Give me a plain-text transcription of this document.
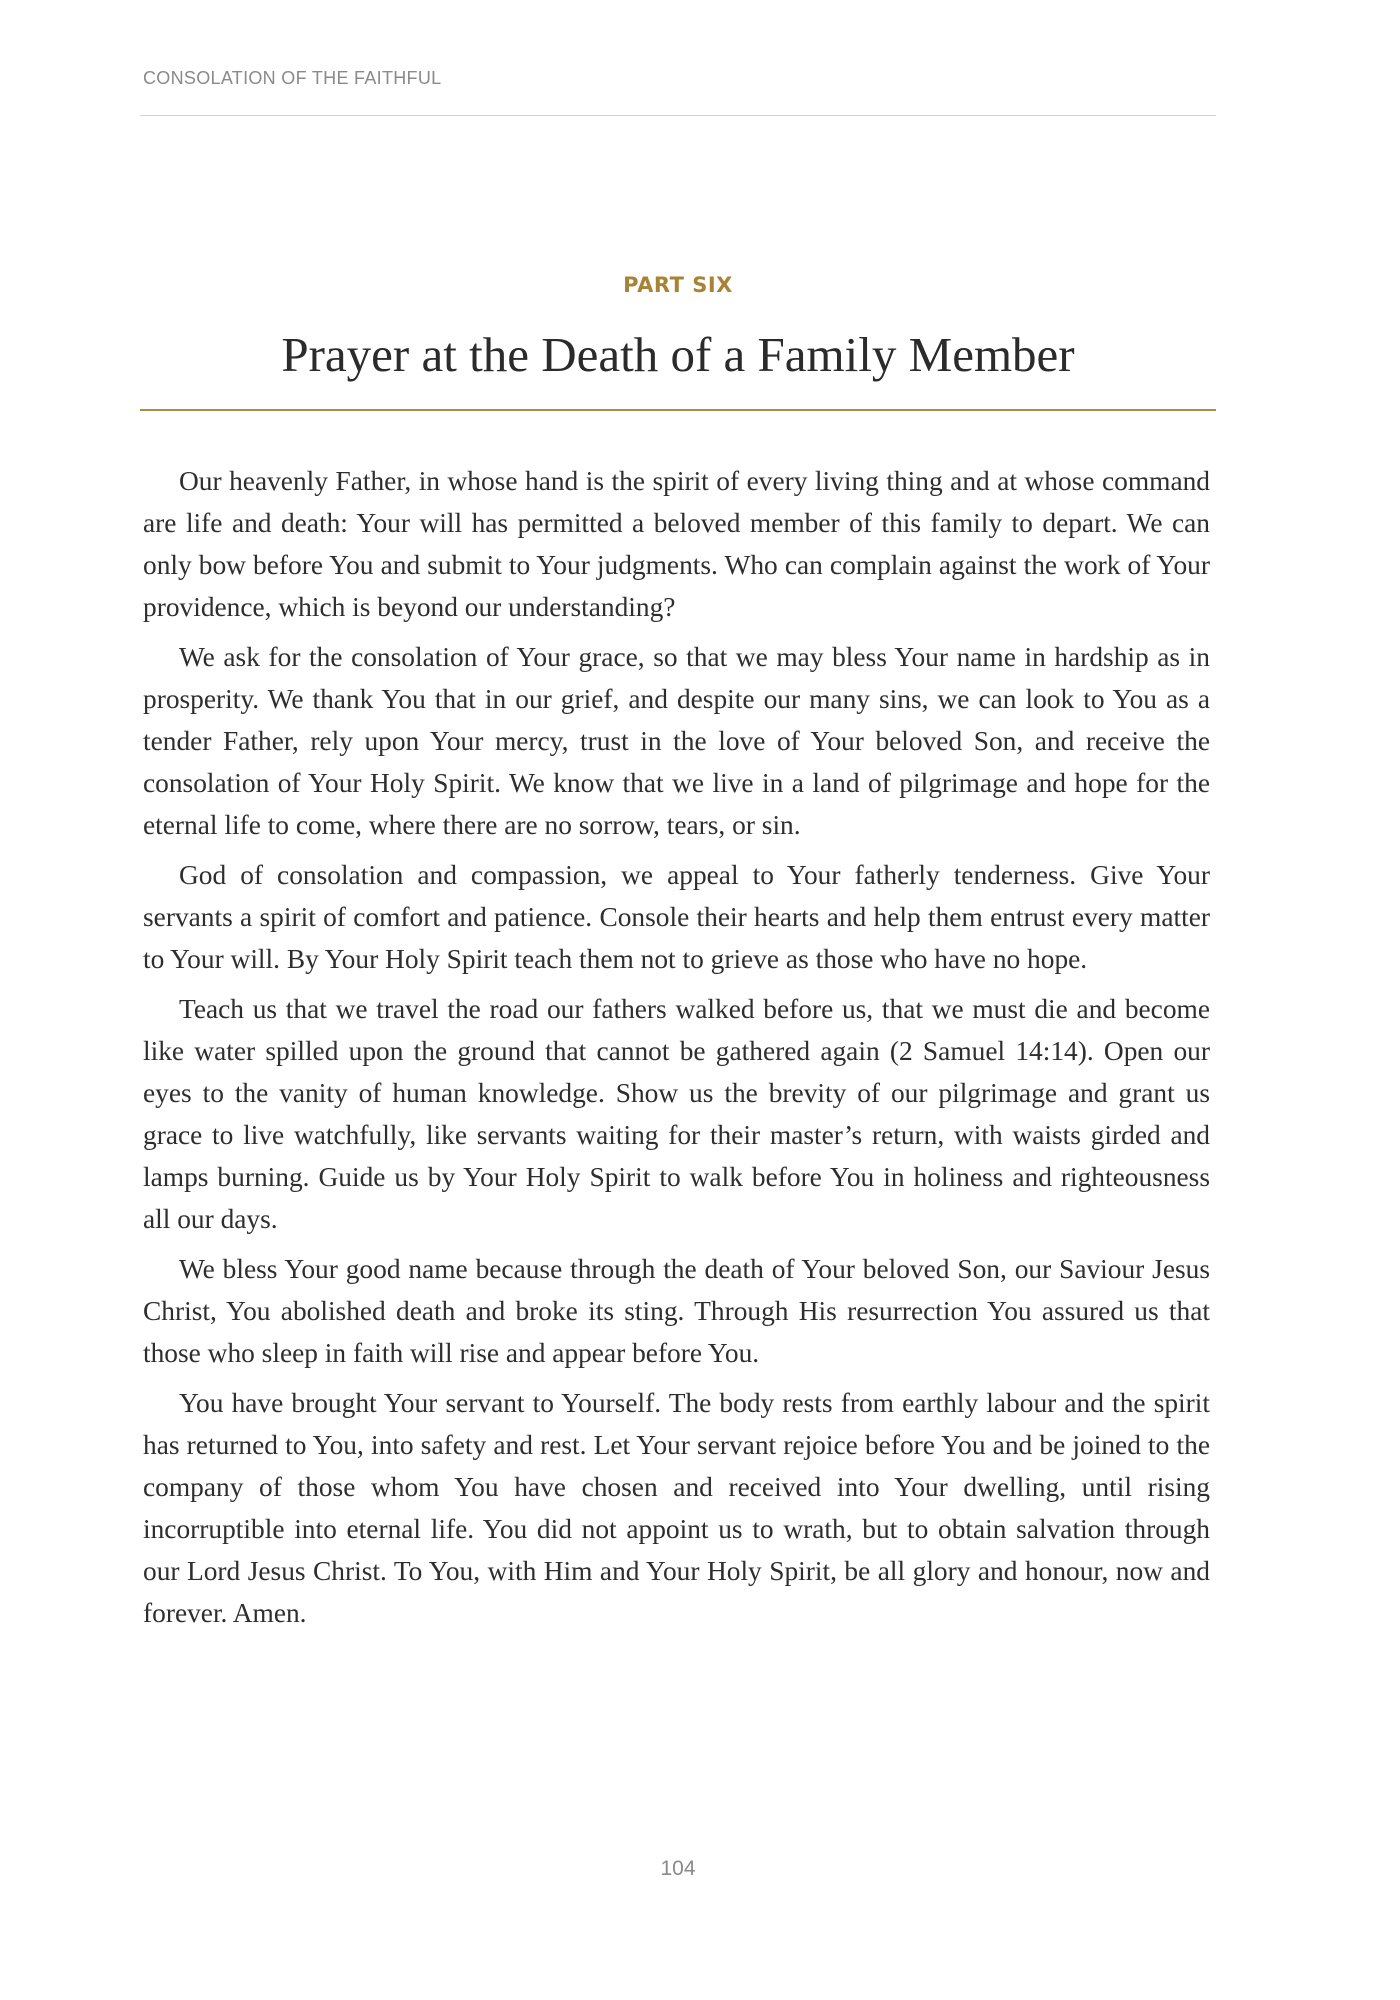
CONSOLATION OF THE FAITHFUL
PART SIX
Prayer at the Death of a Family Member

Our heavenly Father, in whose hand is the spirit of every living thing and at whose command are life and death: Your will has permitted a beloved member of this family to depart. We can only bow before You and submit to Your judgments. Who can complain against the work of Your providence, which is beyond our understanding?

We ask for the consolation of Your grace, so that we may bless Your name in hardship as in prosperity. We thank You that in our grief, and despite our many sins, we can look to You as a tender Father, rely upon Your mercy, trust in the love of Your beloved Son, and receive the consolation of Your Holy Spirit. We know that we live in a land of pilgrimage and hope for the eternal life to come, where there are no sorrow, tears, or sin.

God of consolation and compassion, we appeal to Your fatherly tenderness. Give Your servants a spirit of comfort and patience. Console their hearts and help them entrust every matter to Your will. By Your Holy Spirit teach them not to grieve as those who have no hope.

Teach us that we travel the road our fathers walked before us, that we must die and become like water spilled upon the ground that cannot be gathered again (2 Samuel 14:14). Open our eyes to the vanity of human knowledge. Show us the brevity of our pilgrimage and grant us grace to live watchfully, like servants waiting for their master’s return, with waists girded and lamps burning. Guide us by Your Holy Spirit to walk before You in holiness and righteousness all our days.

We bless Your good name because through the death of Your beloved Son, our Saviour Jesus Christ, You abolished death and broke its sting. Through His resurrection You assured us that those who sleep in faith will rise and appear before You.

You have brought Your servant to Yourself. The body rests from earthly labour and the spirit has returned to You, into safety and rest. Let Your servant rejoice before You and be joined to the company of those whom You have chosen and received into Your dwelling, until rising incorruptible into eternal life. You did not appoint us to wrath, but to obtain salvation through our Lord Jesus Christ. To You, with Him and Your Holy Spirit, be all glory and honour, now and forever. Amen.

104
